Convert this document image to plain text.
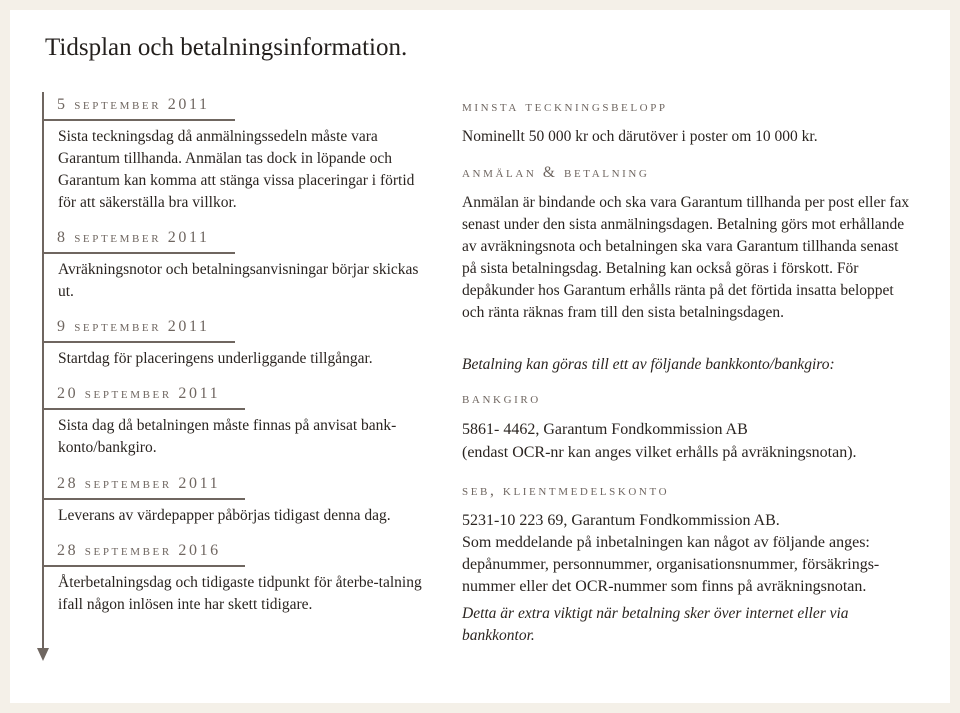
Tidsplan och betalningsinformation.
5 september 2011

Sista teckningsdag då anmälningssedeln måste vara Garantum tillhanda. Anmälan tas dock in löpande och Garantum kan komma att stänga vissa placeringar i förtid för att säkerställa bra villkor.

8 september 2011

Avräkningsnotor och betalningsanvisningar börjar skickas ut.

9 september 2011

Startdag för placeringens underliggande tillgångar.

20 september 2011

Sista dag då betalningen måste finnas på anvisat bank-konto/bankgiro.

28 september 2011

Leverans av värdepapper påbörjas tidigast denna dag.

28 september 2016

Återbetalningsdag och tidigaste tidpunkt för återbe-talning ifall någon inlösen inte har skett tidigare.

minsta teckningsbelopp

Nominellt 50 000 kr och därutöver i poster om 10 000 kr.

anmälan & betalning

Anmälan är bindande och ska vara Garantum tillhanda per post eller fax senast under den sista anmälningsdagen. Betalning görs mot erhållande av avräkningsnota och betalningen ska vara Garantum tillhanda senast på sista betalningsdag. Betalning kan också göras i förskott. För depåkunder hos Garantum erhålls ränta på det förtida insatta beloppet och ränta räknas fram till den sista betalningsdagen.

Betalning kan göras till ett av följande bankkonto/bankgiro:

bankgiro

5861- 4462, Garantum Fondkommission AB

(endast OCR-nr kan anges vilket erhålls på avräkningsnotan).

seb, klientmedelskonto

5231-10 223 69, Garantum Fondkommission AB.

Som meddelande på inbetalningen kan något av följande anges: depånummer, personnummer, organisationsnummer, försäkrings-nummer eller det OCR-nummer som finns på avräkningsnotan.

Detta är extra viktigt när betalning sker över internet eller via bankkontor.
